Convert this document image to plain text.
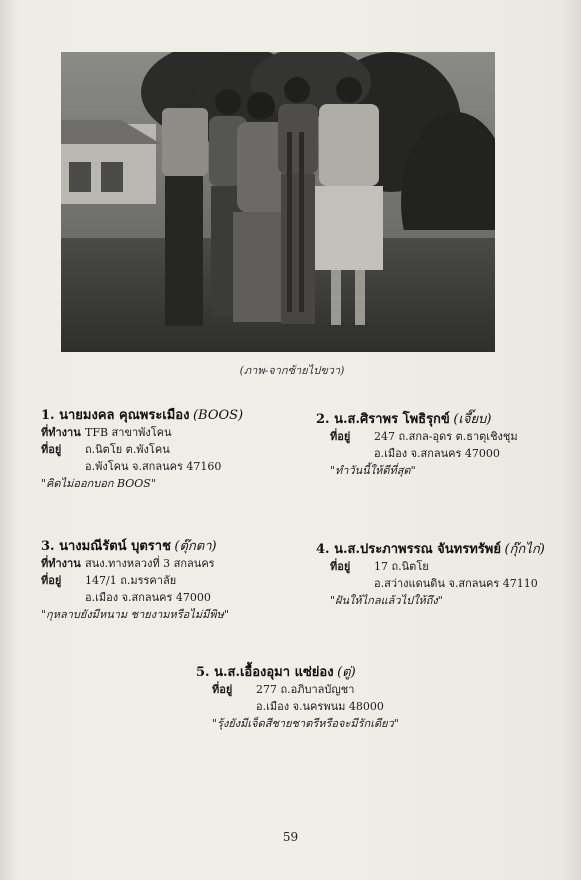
(ภาพ-จากซ้ายไปขวา)
1. นายมงคล คุณพระเมือง (BOOS)
ที่ทำงาน TFB สาขาพังโคน
ที่อยู่ ถ.นิตโย ต.พังโคน
อ.พังโคน จ.สกลนคร 47160
"คิดไม่ออกบอก BOOS"
2. น.ส.ศิราพร โพธิรุกข์ (เจี๊ยบ)
ที่อยู่ 247 ถ.สกล-อุดร ต.ธาตุเชิงชุม
อ.เมือง จ.สกลนคร 47000
"ทำวันนี้ให้ดีที่สุด"
3. นางมณีรัตน์ บุตราช (ตุ๊กตา)
ที่ทำงาน สนง.ทางหลวงที่ 3 สกลนคร
ที่อยู่ 147/1 ถ.มรรคาลัย
อ.เมือง จ.สกลนคร 47000
"กุหลาบยังมีหนาม ชายงามหรือไม่มีพิษ"
4. น.ส.ประภาพรรณ จันทรทรัพย์ (กุ๊กไก่)
ที่อยู่ 17 ถ.นิตโย
อ.สว่างแดนดิน จ.สกลนคร 47110
"ฝันให้ไกลแล้วไปให้ถึง"
5. น.ส.เอื้องอุมา แซ่ย่อง (ตู่)
ที่อยู่ 277 ถ.อภิบาลบัญชา
อ.เมือง จ.นครพนม 48000
"รุ้งยังมีเจ็ดสีชายชาตรีหรือจะมีรักเดียว"
59
